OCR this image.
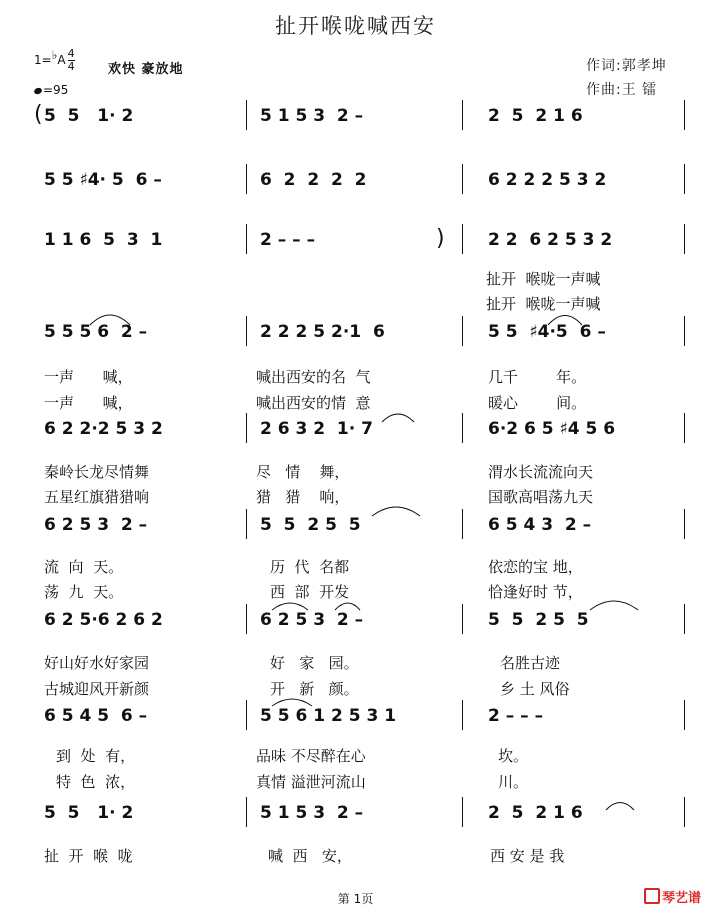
扯开喉咙喊西安
$1=^♭A \frac{4}{4}$
=95
欢快 豪放地	作词:郭孝坤
作曲:王 镭
5  5   1· 2	5 1 5 3  2 –	2  5  2 1 6
5 5 ♯4· 5  6 –	6  2  2  2  2	6 2 2 2 5 3 2
1 1 6  5  3  1	2 – – –	2 2  6 2 5 3 2
5 5 5 6  2 –	2 2 2 5 2·1  6	5 5  ♯4·5  6 –
6 2 2·2 5 3 2	2 6 3 2  1· 7	6·2 6 5 ♯4 5 6
6 2 5 3  2 –	5  5  2 5  5	6 5 4 3  2 –
6 2 5·6 2 6 2	6 2 5 3  2 –	5  5  2 5  5
6 5 4 5  6 –	5 5 6 1 2 5 3 1	2 – – –
5  5   1· 2	5 1 5 3  2 –	2  5  2 1 6
(
)
扯开  喉咙一声喊
扯开  喉咙一声喊
一声      喊，	喊出西安的名  气	几千        年。
一声      喊，	喊出西安的情  意	暖心        间。
秦岭长龙尽情舞	尽   情    舞，	渭水长流流向天
五星红旗猎猎响	猎   猎    响，	国歌高唱荡九天
流  向  天。	历  代  名都	依恋的宝 地，
荡  九  天。	西  部  开发	恰逢好时 节，
好山好水好家园	好   家   园。	名胜古迹
古城迎风开新颜	开   新   颜。	乡 土 风俗
到  处  有，	品味 不尽醉在心	坎。
特  色  浓，	真情 溢泄河流山	川。
扯  开  喉  咙	喊  西   安，	西 安 是 我
第 1页	琴艺谱
